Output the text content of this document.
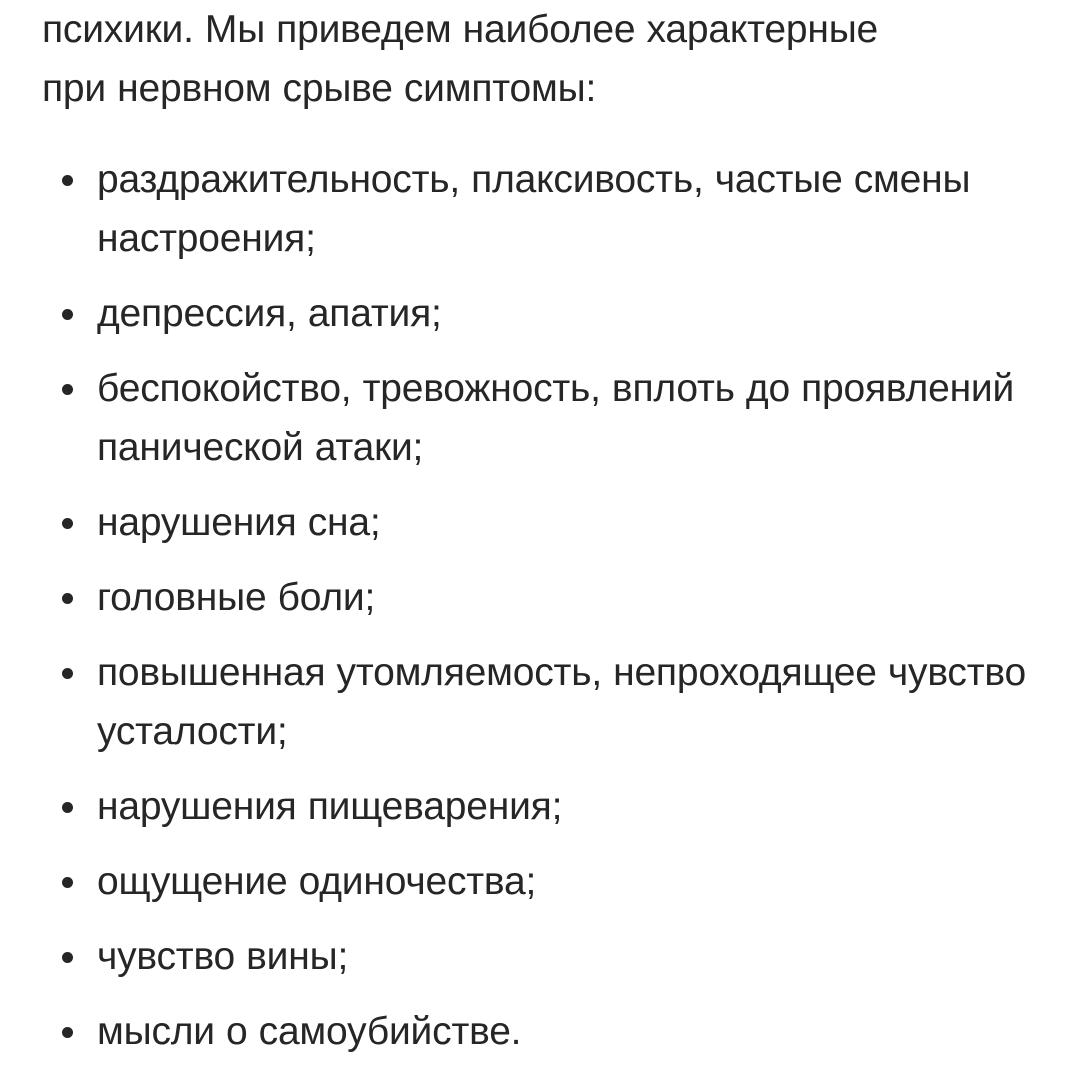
психики. Мы приведем наиболее характерные
при нервном срыве симптомы:

раздражительность, плаксивость, частые смены настроения;
депрессия, апатия;
беспокойство, тревожность, вплоть до проявлений панической атаки;
нарушения сна;
головные боли;
повышенная утомляемость, непроходящее чувство усталости;
нарушения пищеварения;
ощущение одиночества;
чувство вины;
мысли о самоубийстве.
